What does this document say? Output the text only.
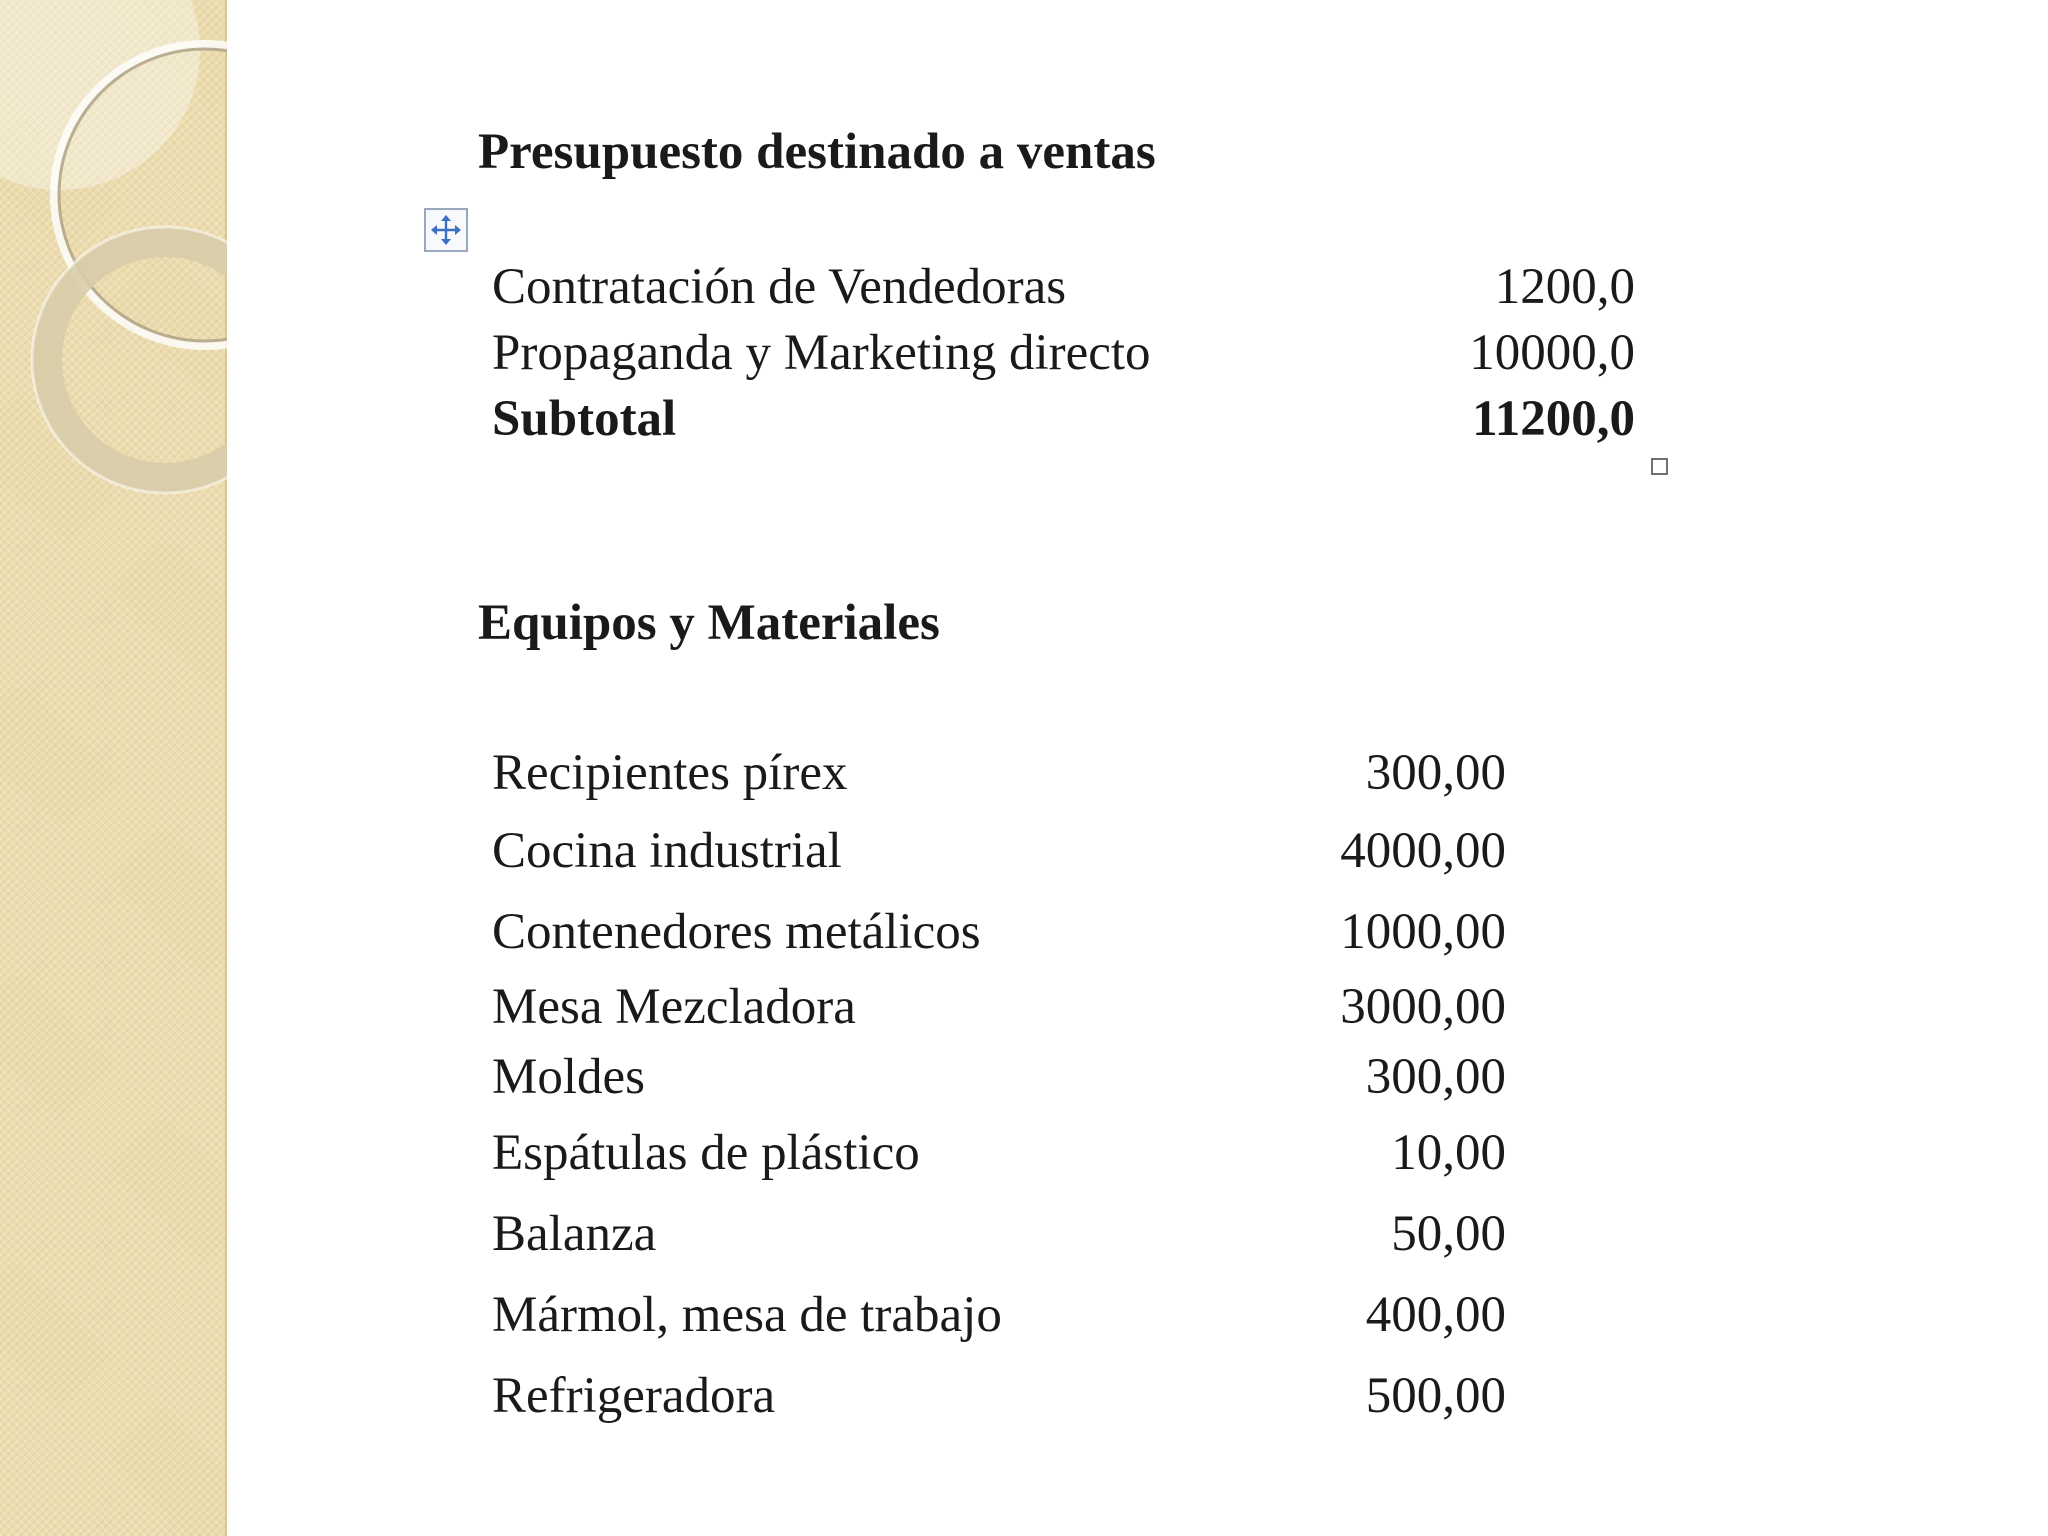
Presupuesto destinado a ventas
Contratación de Vendedoras	1200,0
Propaganda y Marketing directo	10000,0
Subtotal	11200,0
Equipos y Materiales
Recipientes pírex	300,00
Cocina industrial	4000,00
Contenedores metálicos	1000,00
Mesa Mezcladora	3000,00
Moldes	300,00
Espátulas de plástico	10,00
Balanza	50,00
Mármol, mesa de trabajo	400,00
Refrigeradora	500,00
